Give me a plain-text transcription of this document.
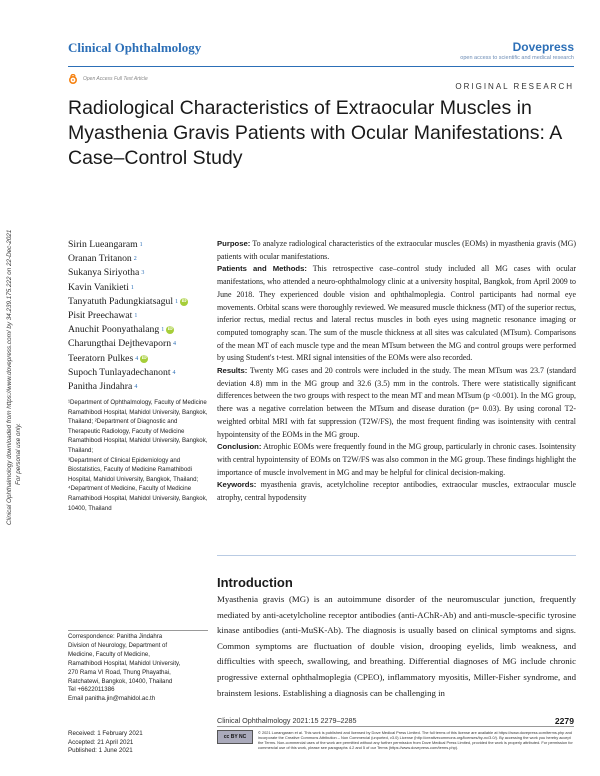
Clinical Ophthalmology	Dovepress
open access to scientific and medical research
Open Access Full Text Article
ORIGINAL RESEARCH
Radiological Characteristics of Extraocular Muscles in Myasthenia Gravis Patients with Ocular Manifestations: A Case–Control Study
Clinical Ophthalmology downloaded from https://www.dovepress.com/ by 34.239.175.222 on 22-Dec-2021 For personal use only.
Sirin Lueangaram 1
Oranan Tritanon 2
Sukanya Siriyotha 3
Kavin Vanikieti 1
Tanyatuth Padungkiatsagul 1 iD
Pisit Preechawat 1
Anuchit Poonyathalang 1 iD
Charungthai Dejthevaporn 4
Teeratorn Pulkes 4 iD
Supoch Tunlayadechanont 4
Panitha Jindahra 4
¹Department of Ophthalmology, Faculty of Medicine Ramathibodi Hospital, Mahidol University, Bangkok, Thailand; ²Department of Diagnostic and Therapeutic Radiology, Faculty of Medicine Ramathibodi Hospital, Mahidol University, Bangkok, Thailand;
³Department of Clinical Epidemiology and Biostatistics, Faculty of Medicine Ramathibodi Hospital, Mahidol University, Bangkok, Thailand;
⁴Department of Medicine, Faculty of Medicine Ramathibodi Hospital, Mahidol University, Bangkok, 10400, Thailand

Purpose: To analyze radiological characteristics of the extraocular muscles (EOMs) in myasthenia gravis (MG) patients with ocular manifestations.

Patients and Methods: This retrospective case–control study included all MG cases with ocular manifestations, who attended a neuro-ophthalmology clinic at a university hospital, Bangkok, from April 2009 to June 2018. They experienced double vision and ophthalmoplegia. Control participants had normal eye movements. Orbital scans were thoroughly reviewed. We measured muscle thickness (MT) of the superior rectus, inferior rectus, medial rectus and lateral rectus muscles in both eyes using magnetic resonance imaging or computed tomography scan. The sum of the muscle thickness at all sites was calculated (MTsum). Comparisons of the mean MT of each muscle type and the mean MTsum between the MG and control groups were performed by using Student's t-test. MRI signal intensities of the EOMs were also recorded.

Results: Twenty MG cases and 20 controls were included in the study. The mean MTsum was 23.7 (standard deviation 4.8) mm in the MG group and 32.6 (3.5) mm in the controls. There were statistically significant differences between the two groups with respect to the mean MT and mean MTsum (p <0.001). In the MG group, there was a negative correlation between the MTsum and disease duration (p= 0.03). By using coronal T2-weighted orbital MRI with fat suppression (T2W/FS), the most frequent finding was isointensity with central hypointensity of the EOMs in the MG group.

Conclusion: Atrophic EOMs were frequently found in the MG group, particularly in chronic cases. Isointensity with central hypointensity of EOMs on T2W/FS was also common in the MG group. These findings highlight the importance of muscle involvement in MG and may be helpful for clinical decision-making.

Keywords: myasthenia gravis, acetylcholine receptor antibodies, extraocular muscles, extraocular muscle atrophy, central hypodensity

Introduction
Myasthenia gravis (MG) is an autoimmune disorder of the neuromuscular junction, frequently mediated by anti-acetylcholine receptor antibodies (anti-AChR-Ab) and anti-muscle-specific tyrosine kinase antibodies (anti-MuSK-Ab). The diagnosis is usually based on clinical symptoms and signs. Common symptoms are fluctuation of double vision, drooping eyelids, limb weakness, and difficulties with speech, swallowing, and breathing. Differential diagnoses of MG include chronic progressive external ophthalmoplegia (CPEO), inflammatory myositis, Miller-Fisher syndrome, and brainstem lesions. Establishing a diagnosis can be challenging in
Correspondence: Panitha Jindahra
Division of Neurology, Department of
Medicine, Faculty of Medicine,
Ramathibodi Hospital, Mahidol University,
270 Rama VI Road, Thung Phayathai,
Ratchatewi, Bangkok, 10400, Thailand
Tel +6622011386
Email panitha.jin@mahidol.ac.th
Received: 1 February 2021
Accepted: 21 April 2021
Published: 1 June 2021
Clinical Ophthalmology 2021:15 2279–2285	2279
cc BY NC
© 2021 Lueangaram et al. This work is published and licensed by Dove Medical Press Limited. The full terms of this license are available at https://www.dovepress.com/terms.php and incorporate the Creative Commons Attribution – Non Commercial (unported, v3.0) License (http://creativecommons.org/licenses/by-nc/3.0/). By accessing the work you hereby accept the Terms. Non-commercial uses of the work are permitted without any further permission from Dove Medical Press Limited, provided the work is properly attributed. For permission for commercial use of this work, please see paragraphs 4.2 and 5 of our Terms (https://www.dovepress.com/terms.php).
